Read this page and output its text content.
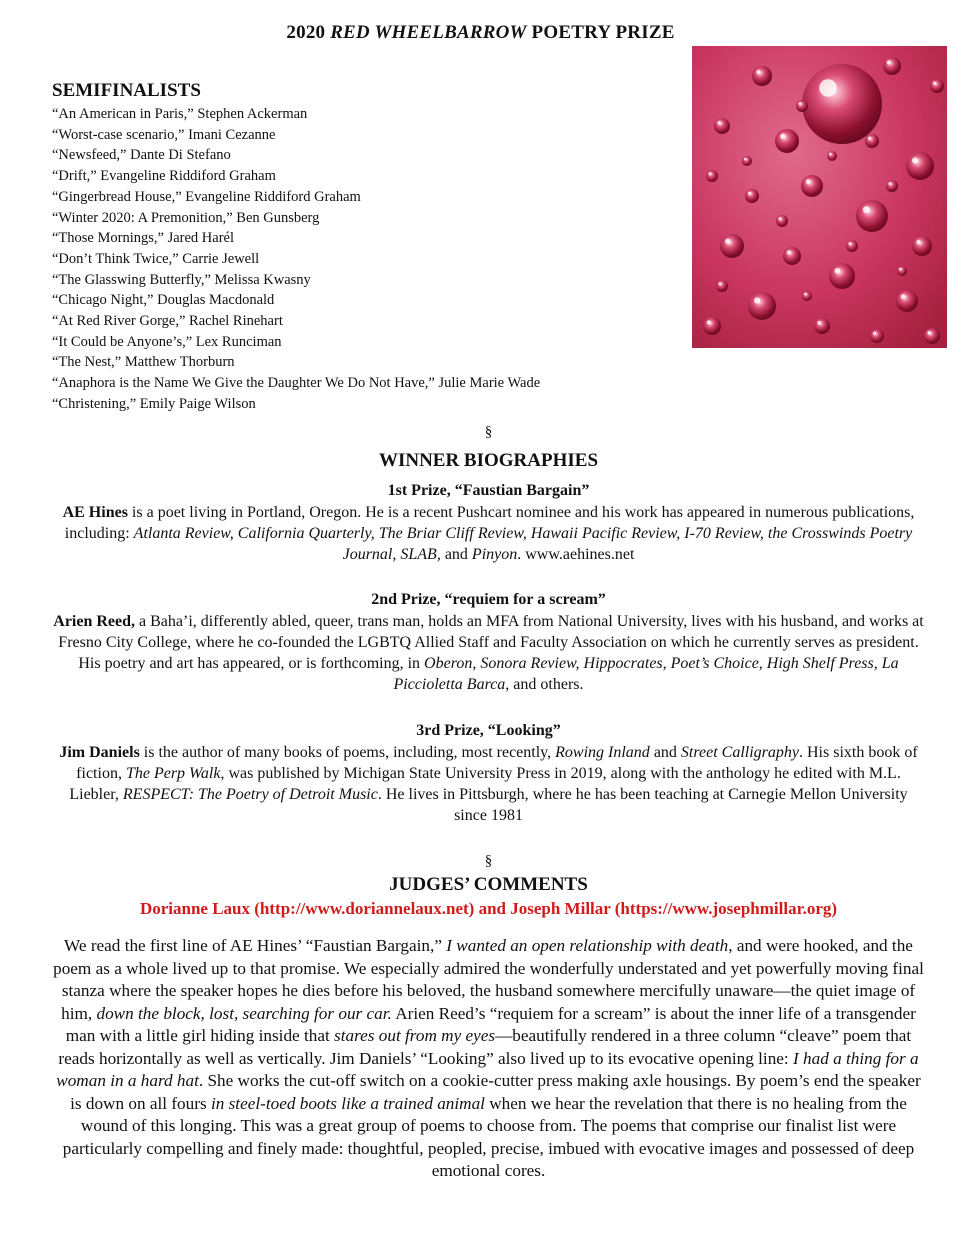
2020 RED WHEELBARROW POETRY PRIZE
SEMIFINALISTS
“An American in Paris,” Stephen Ackerman
“Worst-case scenario,” Imani Cezanne
“Newsfeed,” Dante Di Stefano
“Drift,” Evangeline Riddiford Graham
“Gingerbread House,” Evangeline Riddiford Graham
“Winter 2020: A Premonition,” Ben Gunsberg
“Those Mornings,” Jared Harél
“Don’t Think Twice,” Carrie Jewell
“The Glasswing Butterfly,” Melissa Kwasny
“Chicago Night,” Douglas Macdonald
“At Red River Gorge,” Rachel Rinehart
“It Could be Anyone’s,” Lex Runciman
“The Nest,” Matthew Thorburn
“Anaphora is the Name We Give the Daughter We Do Not Have,” Julie Marie Wade
“Christening,” Emily Paige Wilson
§
WINNER BIOGRAPHIES
1st Prize, “Faustian Bargain”
AE Hines is a poet living in Portland, Oregon. He is a recent Pushcart nominee and his work has appeared in numerous publications, including: Atlanta Review, California Quarterly, The Briar Cliff Review, Hawaii Pacific Review, I-70 Review, the Crosswinds Poetry Journal, SLAB, and Pinyon. www.aehines.net
2nd Prize, “requiem for a scream”
Arien Reed, a Baha’i, differently abled, queer, trans man, holds an MFA from National University, lives with his husband, and works at Fresno City College, where he co-founded the LGBTQ Allied Staff and Faculty Association on which he currently serves as president. His poetry and art has appeared, or is forthcoming, in Oberon, Sonora Review, Hippocrates, Poet’s Choice, High Shelf Press, La Piccioletta Barca, and others.
3rd Prize, “Looking”
Jim Daniels is the author of many books of poems, including, most recently, Rowing Inland and Street Calligraphy. His sixth book of fiction, The Perp Walk, was published by Michigan State University Press in 2019, along with the anthology he edited with M.L. Liebler, RESPECT: The Poetry of Detroit Music. He lives in Pittsburgh, where he has been teaching at Carnegie Mellon University since 1981
§
JUDGES’ COMMENTS
Dorianne Laux (http://www.doriannelaux.net) and Joseph Millar (https://www.josephmillar.org)
We read the first line of AE Hines’ “Faustian Bargain,” I wanted an open relationship with death, and were hooked, and the poem as a whole lived up to that promise. We especially admired the wonderfully understated and yet powerfully moving final stanza where the speaker hopes he dies before his beloved, the husband somewhere mercifully unaware—the quiet image of him, down the block, lost, searching for our car. Arien Reed’s “requiem for a scream” is about the inner life of a transgender man with a little girl hiding inside that stares out from my eyes—beautifully rendered in a three column “cleave” poem that reads horizontally as well as vertically. Jim Daniels’ “Looking” also lived up to its evocative opening line: I had a thing for a woman in a hard hat. She works the cut-off switch on a cookie-cutter press making axle housings. By poem’s end the speaker is down on all fours in steel-toed boots like a trained animal when we hear the revelation that there is no healing from the wound of this longing. This was a great group of poems to choose from. The poems that comprise our finalist list were particularly compelling and finely made: thoughtful, peopled, precise, imbued with evocative images and possessed of deep emotional cores.
